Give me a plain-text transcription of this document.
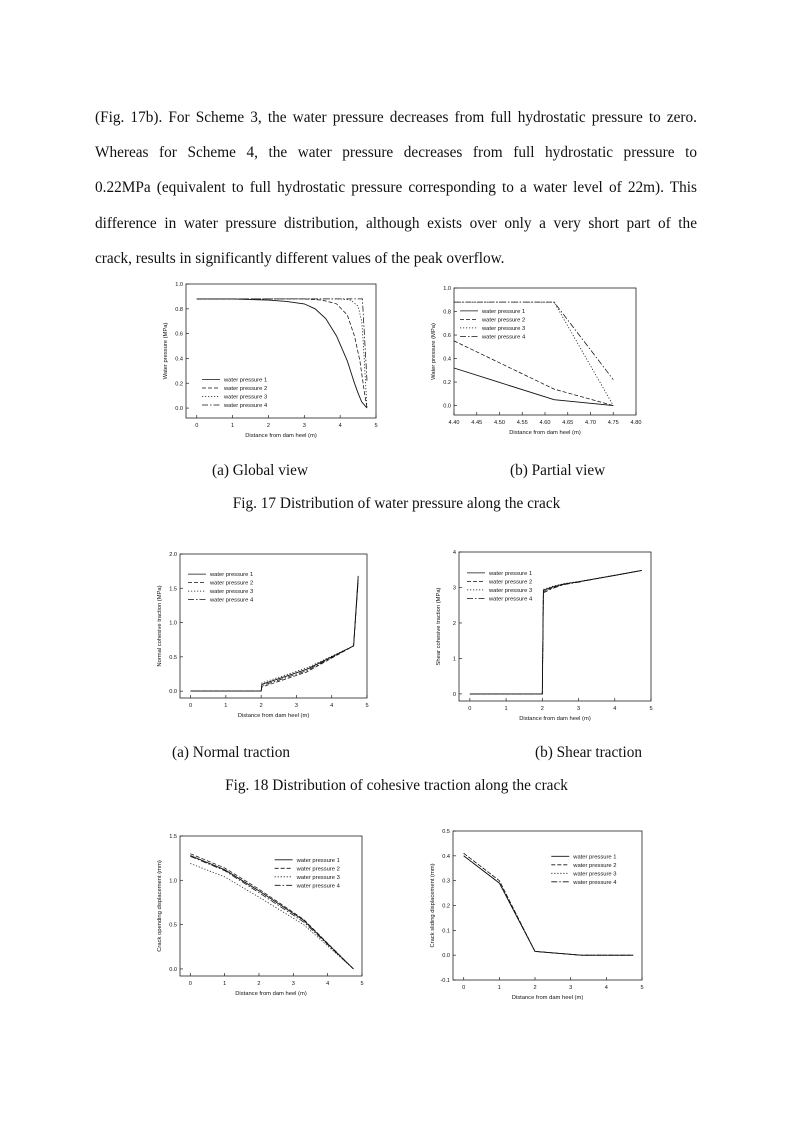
(Fig. 17b). For Scheme 3, the water pressure decreases from full hydrostatic pressure to zero.
Whereas for Scheme 4, the water pressure decreases from full hydrostatic pressure to
0.22MPa (equivalent to full hydrostatic pressure corresponding to a water level of 22m). This
difference in water pressure distribution, although exists over only a very short part of the
crack, results in significantly different values of the peak overflow.

0	1	2	3	4	5
0.0
0.2
0.4
0.6
0.8
1.0
Distance from dam heel (m)
Water pressure (MPa)
water pressure 1
water pressure 2
water pressure 3
water pressure 4
4.40 4.45 4.50 4.55 4.60 4.65 4.70 4.75 4.80
0.0
0.2
0.4
0.6
0.8
1.0
Distance from dam heel (m)
Water pressure (MPa)
water pressure 1
water pressure 2
water pressure 3
water pressure 4
(a) Global view	(b) Partial view
Fig. 17 Distribution of water pressure along the crack
0	1	2	3	4	5
0.0
0.5
1.0
1.5
2.0
Distance from dam heel (m)
Normal cohesive traction (MPa)
water pressure 1
water pressure 2
water pressure 3
water pressure 4
0	1	2	3	4	5
0
1
2
3
4
Distance from dam heel (m)
Shear cohesive traction (MPa)
water pressure 1
water pressure 2
water pressure 3
water pressure 4
(a) Normal traction	(b) Shear traction
Fig. 18 Distribution of cohesive traction along the crack
0	1	2	3	4	5
0.0
0.5
1.0
1.5
Distance from dam heel (m)
Crack opending displacement (mm)	water pressure 1
water pressure 2
water pressure 3
water pressure 4
0	1	2	3	4	5
-0.1
0.0
0.1
0.2
0.3
0.4
0.5
Distance from dam heel (m)
Crack sliding displacement (mm)
water pressure 1
water pressure 2
water pressure 3
water pressure 4
